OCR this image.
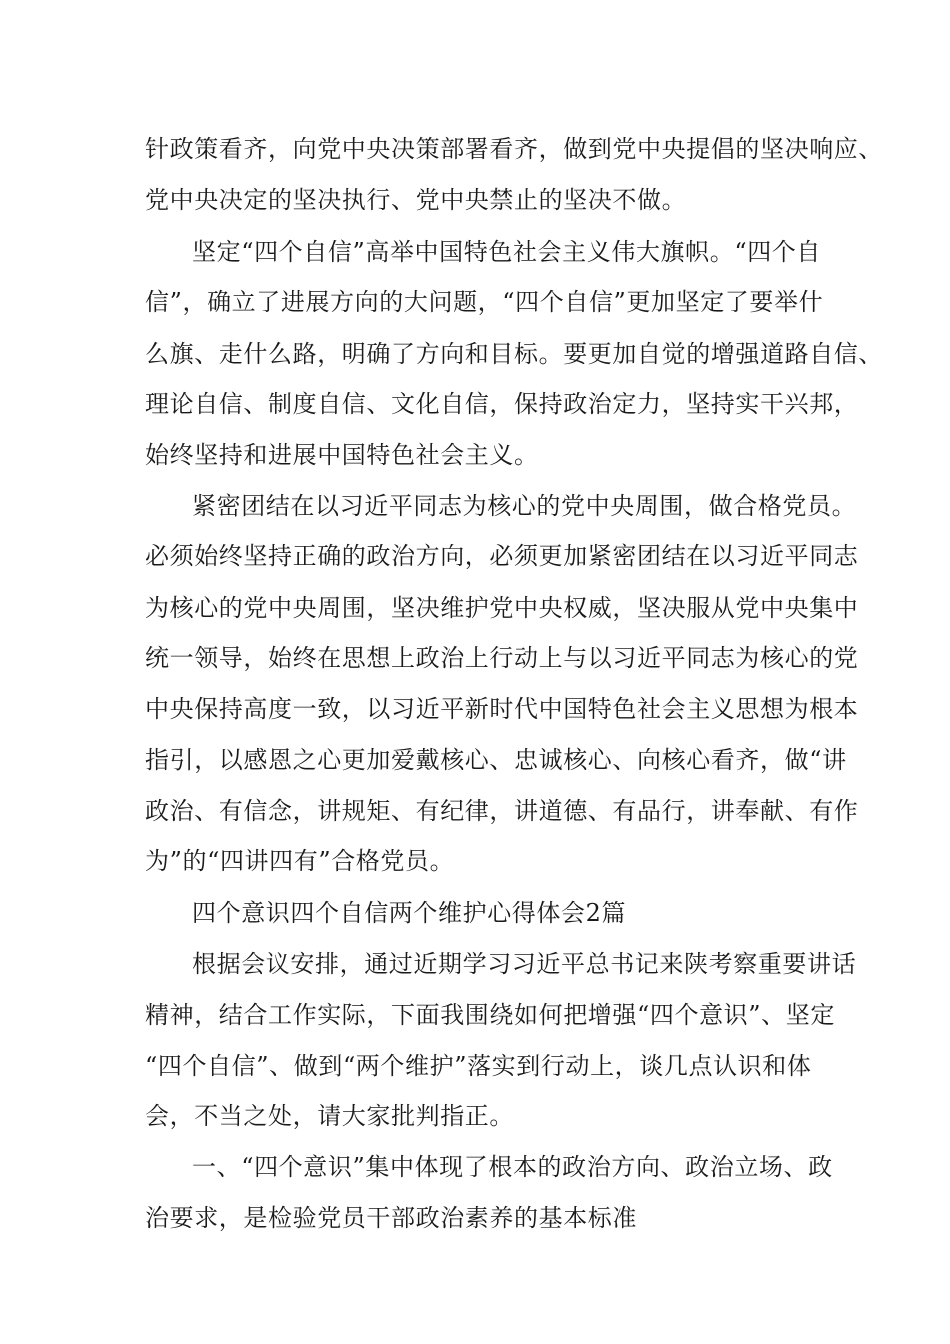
针政策看齐，向党中央决策部署看齐，做到党中央提倡的坚决响应、
党中央决定的坚决执行、党中央禁止的坚决不做。
坚定“四个自信”高举中国特色社会主义伟大旗帜。“四个自
信”，确立了进展方向的大问题，“四个自信”更加坚定了要举什
么旗、走什么路，明确了方向和目标。要更加自觉的增强道路自信、
理论自信、制度自信、文化自信，保持政治定力，坚持实干兴邦，
始终坚持和进展中国特色社会主义。
紧密团结在以习近平同志为核心的党中央周围，做合格党员。
必须始终坚持正确的政治方向，必须更加紧密团结在以习近平同志
为核心的党中央周围，坚决维护党中央权威，坚决服从党中央集中
统一领导，始终在思想上政治上行动上与以习近平同志为核心的党
中央保持高度一致，以习近平新时代中国特色社会主义思想为根本
指引，以感恩之心更加爱戴核心、忠诚核心、向核心看齐，做“讲
政治、有信念，讲规矩、有纪律，讲道德、有品行，讲奉献、有作
为”的“四讲四有”合格党员。
四个意识四个自信两个维护心得体会2篇
根据会议安排，通过近期学习习近平总书记来陕考察重要讲话
精神，结合工作实际，下面我围绕如何把增强“四个意识”、坚定
“四个自信”、做到“两个维护”落实到行动上，谈几点认识和体
会，不当之处，请大家批判指正。
一、“四个意识”集中体现了根本的政治方向、政治立场、政
治要求，是检验党员干部政治素养的基本标准
